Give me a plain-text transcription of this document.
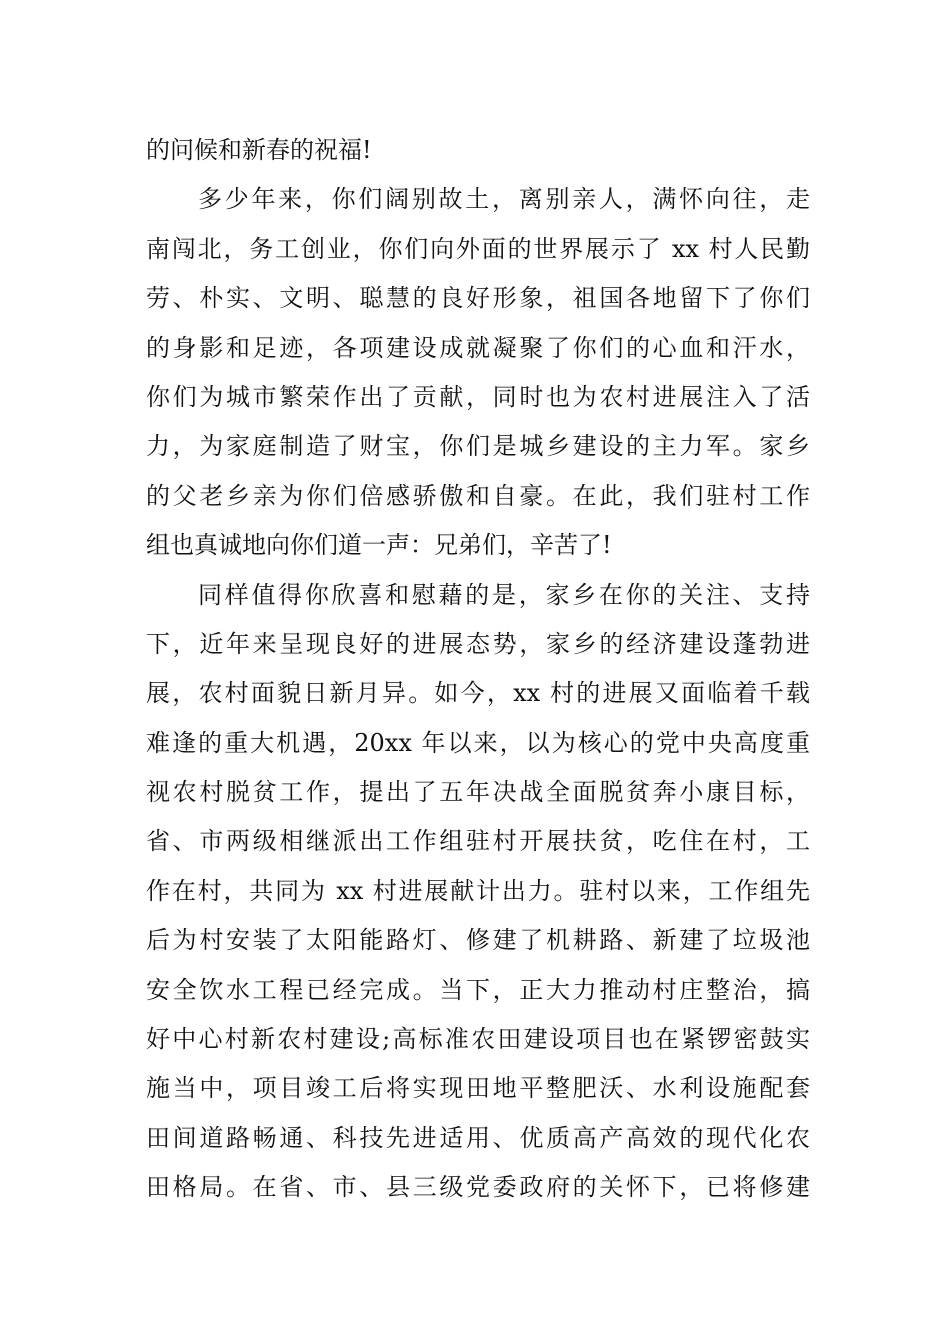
的问候和新春的祝福!
多少年来，你们阔别故土，离别亲人，满怀向往，走
南闯北，务工创业，你们向外面的世界展示了 xx 村人民勤
劳、朴实、文明、聪慧的良好形象，祖国各地留下了你们
的身影和足迹，各项建设成就凝聚了你们的心血和汗水，
你们为城市繁荣作出了贡献，同时也为农村进展注入了活
力，为家庭制造了财宝，你们是城乡建设的主力军。家乡
的父老乡亲为你们倍感骄傲和自豪。在此，我们驻村工作
组也真诚地向你们道一声：兄弟们，辛苦了!
同样值得你欣喜和慰藉的是，家乡在你的关注、支持
下，近年来呈现良好的进展态势，家乡的经济建设蓬勃进
展，农村面貌日新月异。如今，xx 村的进展又面临着千载
难逢的重大机遇，20xx 年以来，以为核心的党中央高度重
视农村脱贫工作，提出了五年决战全面脱贫奔小康目标，
省、市两级相继派出工作组驻村开展扶贫，吃住在村，工
作在村，共同为 xx 村进展献计出力。驻村以来，工作组先
后为村安装了太阳能路灯、修建了机耕路、新建了垃圾池
安全饮水工程已经完成。当下，正大力推动村庄整治，搞
好中心村新农村建设;高标准农田建设项目也在紧锣密鼓实
施当中，项目竣工后将实现田地平整肥沃、水利设施配套
田间道路畅通、科技先进适用、优质高产高效的现代化农
田格局。在省、市、县三级党委政府的关怀下，已将修建
